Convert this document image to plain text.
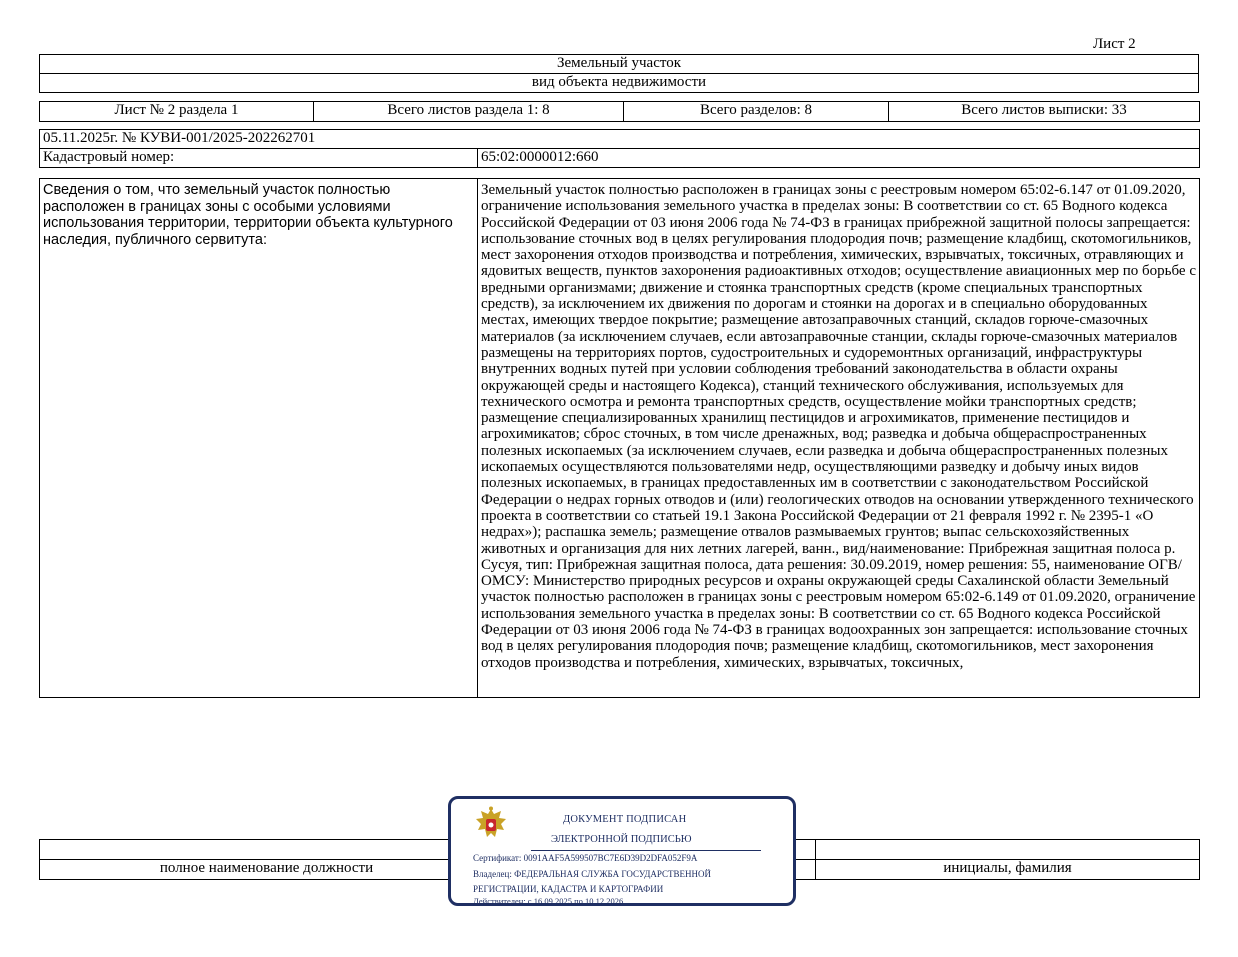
Лист 2
Земельный участок
вид объекта недвижимости
Лист № 2 раздела 1	Всего листов раздела 1: 8	Всего разделов: 8	Всего листов выписки: 33
05.11.2025г. № КУВИ-001/2025-202262701
Кадастровый номер:	65:02:0000012:660
Сведения о том, что земельный участок полностью расположен в границах зоны с особыми условиями использования территории, территории объекта культурного наследия, публичного сервитута:	Земельный участок полностью расположен в границах зоны с реестровым номером 65:02-6.147 от 01.09.2020, ограничение использования земельного участка в пределах зоны: В соответствии со ст. 65 Водного кодекса Российской Федерации от 03 июня 2006 года № 74-ФЗ в границах прибрежной защитной полосы запрещается: использование сточных вод в целях регулирования плодородия почв; размещение кладбищ, скотомогильников, мест захоронения отходов производства и потребления, химических, взрывчатых, токсичных, отравляющих и ядовитых веществ, пунктов захоронения радиоактивных отходов; осуществление авиационных мер по борьбе с вредными организмами; движение и стоянка транспортных средств (кроме специальных транспортных средств), за исключением их движения по дорогам и стоянки на дорогах и в специально оборудованных местах, имеющих твердое покрытие; размещение автозаправочных станций, складов горюче-смазочных материалов (за исключением случаев, если автозаправочные станции, склады горюче-смазочных материалов размещены на территориях портов, судостроительных и судоремонтных организаций, инфраструктуры внутренних водных путей при условии соблюдения требований законодательства в области охраны окружающей среды и настоящего Кодекса), станций технического обслуживания, используемых для технического осмотра и ремонта транспортных средств, осуществление мойки транспортных средств; размещение специализированных хранилищ пестицидов и агрохимикатов, применение пестицидов и агрохимикатов; сброс сточных, в том числе дренажных, вод; разведка и добыча общераспространенных полезных ископаемых (за исключением случаев, если разведка и добыча общераспространенных полезных ископаемых осуществляются пользователями недр, осуществляющими разведку и добычу иных видов полезных ископаемых, в границах предоставленных им в соответствии с законодательством Российской Федерации о недрах горных отводов и (или) геологических отводов на основании утвержденного технического проекта в соответствии со статьей 19.1 Закона Российской Федерации от 21 февраля 1992 г. № 2395-1 «О недрах»); распашка земель; размещение отвалов размываемых грунтов; выпас сельскохозяйственных животных и организация для них летних лагерей, ванн., вид/наименование: Прибрежная защитная полоса р. Сусуя, тип: Прибрежная защитная полоса, дата решения: 30.09.2019, номер решения: 55, наименование ОГВ/ОМСУ: Министерство природных ресурсов и охраны окружающей среды Сахалинской области Земельный участок полностью расположен в границах зоны с реестровым номером 65:02-6.149 от 01.09.2020, ограничение использования земельного участка в пределах зоны: В соответствии со ст. 65 Водного кодекса Российской Федерации от 03 июня 2006 года № 74-ФЗ в границах водоохранных зон запрещается: использование сточных вод в целях регулирования плодородия почв; размещение кладбищ, скотомогильников, мест захоронения отходов производства и потребления, химических, взрывчатых, токсичных,

полное наименование должности		инициалы, фамилия
ДОКУМЕНТ ПОДПИСАН
ЭЛЕКТРОННОЙ ПОДПИСЬЮ
Сертификат: 0091AAF5A599507BC7E6D39D2DFA052F9A
Владелец: ФЕДЕРАЛЬНАЯ СЛУЖБА ГОСУДАРСТВЕННОЙ
РЕГИСТРАЦИИ, КАДАСТРА И КАРТОГРАФИИ
Действителен: с 16.09.2025 по 10.12.2026
